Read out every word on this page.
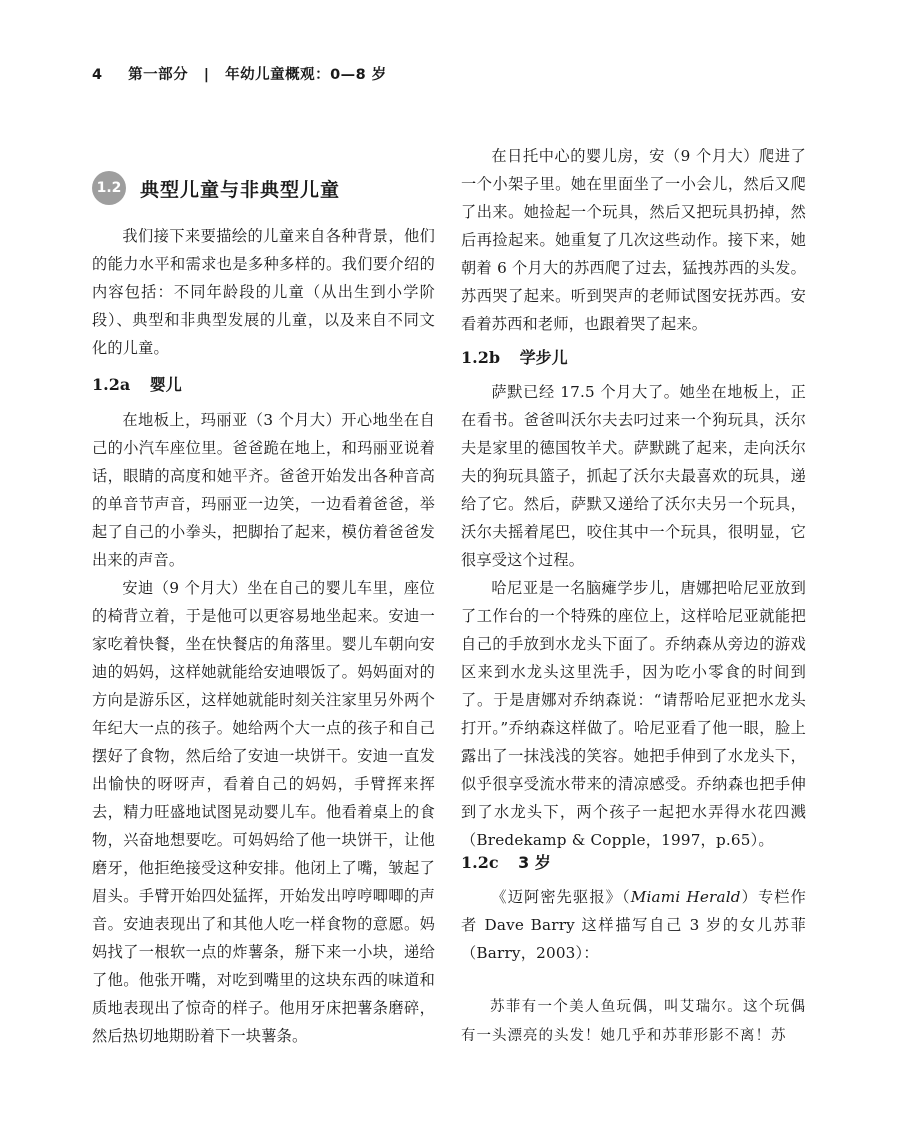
4 第一部分 | 年幼儿童概观：0—8 岁
1.2 典型儿童与非典型儿童

我们接下来要描绘的儿童来自各种背景，他们的能力水平和需求也是多种多样的。我们要介绍的内容包括：不同年龄段的儿童（从出生到小学阶段）、典型和非典型发展的儿童，以及来自不同文化的儿童。

1.2a 婴儿

在地板上，玛丽亚（3 个月大）开心地坐在自己的小汽车座位里。爸爸跪在地上，和玛丽亚说着话，眼睛的高度和她平齐。爸爸开始发出各种音高的单音节声音，玛丽亚一边笑，一边看着爸爸，举起了自己的小拳头，把脚抬了起来，模仿着爸爸发出来的声音。

安迪（9 个月大）坐在自己的婴儿车里，座位的椅背立着，于是他可以更容易地坐起来。安迪一家吃着快餐，坐在快餐店的角落里。婴儿车朝向安迪的妈妈，这样她就能给安迪喂饭了。妈妈面对的方向是游乐区，这样她就能时刻关注家里另外两个年纪大一点的孩子。她给两个大一点的孩子和自己摆好了食物，然后给了安迪一块饼干。安迪一直发出愉快的呀呀声，看着自己的妈妈，手臂挥来挥去，精力旺盛地试图晃动婴儿车。他看着桌上的食物，兴奋地想要吃。可妈妈给了他一块饼干，让他磨牙，他拒绝接受这种安排。他闭上了嘴，皱起了眉头。手臂开始四处猛挥，开始发出哼哼唧唧的声音。安迪表现出了和其他人吃一样食物的意愿。妈妈找了一根软一点的炸薯条，掰下来一小块，递给了他。他张开嘴，对吃到嘴里的这块东西的味道和质地表现出了惊奇的样子。他用牙床把薯条磨碎，然后热切地期盼着下一块薯条。

在日托中心的婴儿房，安（9 个月大）爬进了一个小架子里。她在里面坐了一小会儿，然后又爬了出来。她捡起一个玩具，然后又把玩具扔掉，然后再捡起来。她重复了几次这些动作。接下来，她朝着 6 个月大的苏西爬了过去，猛拽苏西的头发。苏西哭了起来。听到哭声的老师试图安抚苏西。安看着苏西和老师，也跟着哭了起来。

1.2b 学步儿

萨默已经 17.5 个月大了。她坐在地板上，正在看书。爸爸叫沃尔夫去叼过来一个狗玩具，沃尔夫是家里的德国牧羊犬。萨默跳了起来，走向沃尔夫的狗玩具篮子，抓起了沃尔夫最喜欢的玩具，递给了它。然后，萨默又递给了沃尔夫另一个玩具，沃尔夫摇着尾巴，咬住其中一个玩具，很明显，它很享受这个过程。

哈尼亚是一名脑瘫学步儿，唐娜把哈尼亚放到了工作台的一个特殊的座位上，这样哈尼亚就能把自己的手放到水龙头下面了。乔纳森从旁边的游戏区来到水龙头这里洗手，因为吃小零食的时间到了。于是唐娜对乔纳森说：“请帮哈尼亚把水龙头打开。”乔纳森这样做了。哈尼亚看了他一眼，脸上露出了一抹浅浅的笑容。她把手伸到了水龙头下，似乎很享受流水带来的清凉感受。乔纳森也把手伸到了水龙头下，两个孩子一起把水弄得水花四溅（Bredekamp & Copple，1997，p.65）。

1.2c 3 岁

《迈阿密先驱报》（Miami Herald）专栏作者 Dave Barry 这样描写自己 3 岁的女儿苏菲（Barry，2003）：

苏菲有一个美人鱼玩偶，叫艾瑞尔。这个玩偶有一头漂亮的头发！她几乎和苏菲形影不离！苏
